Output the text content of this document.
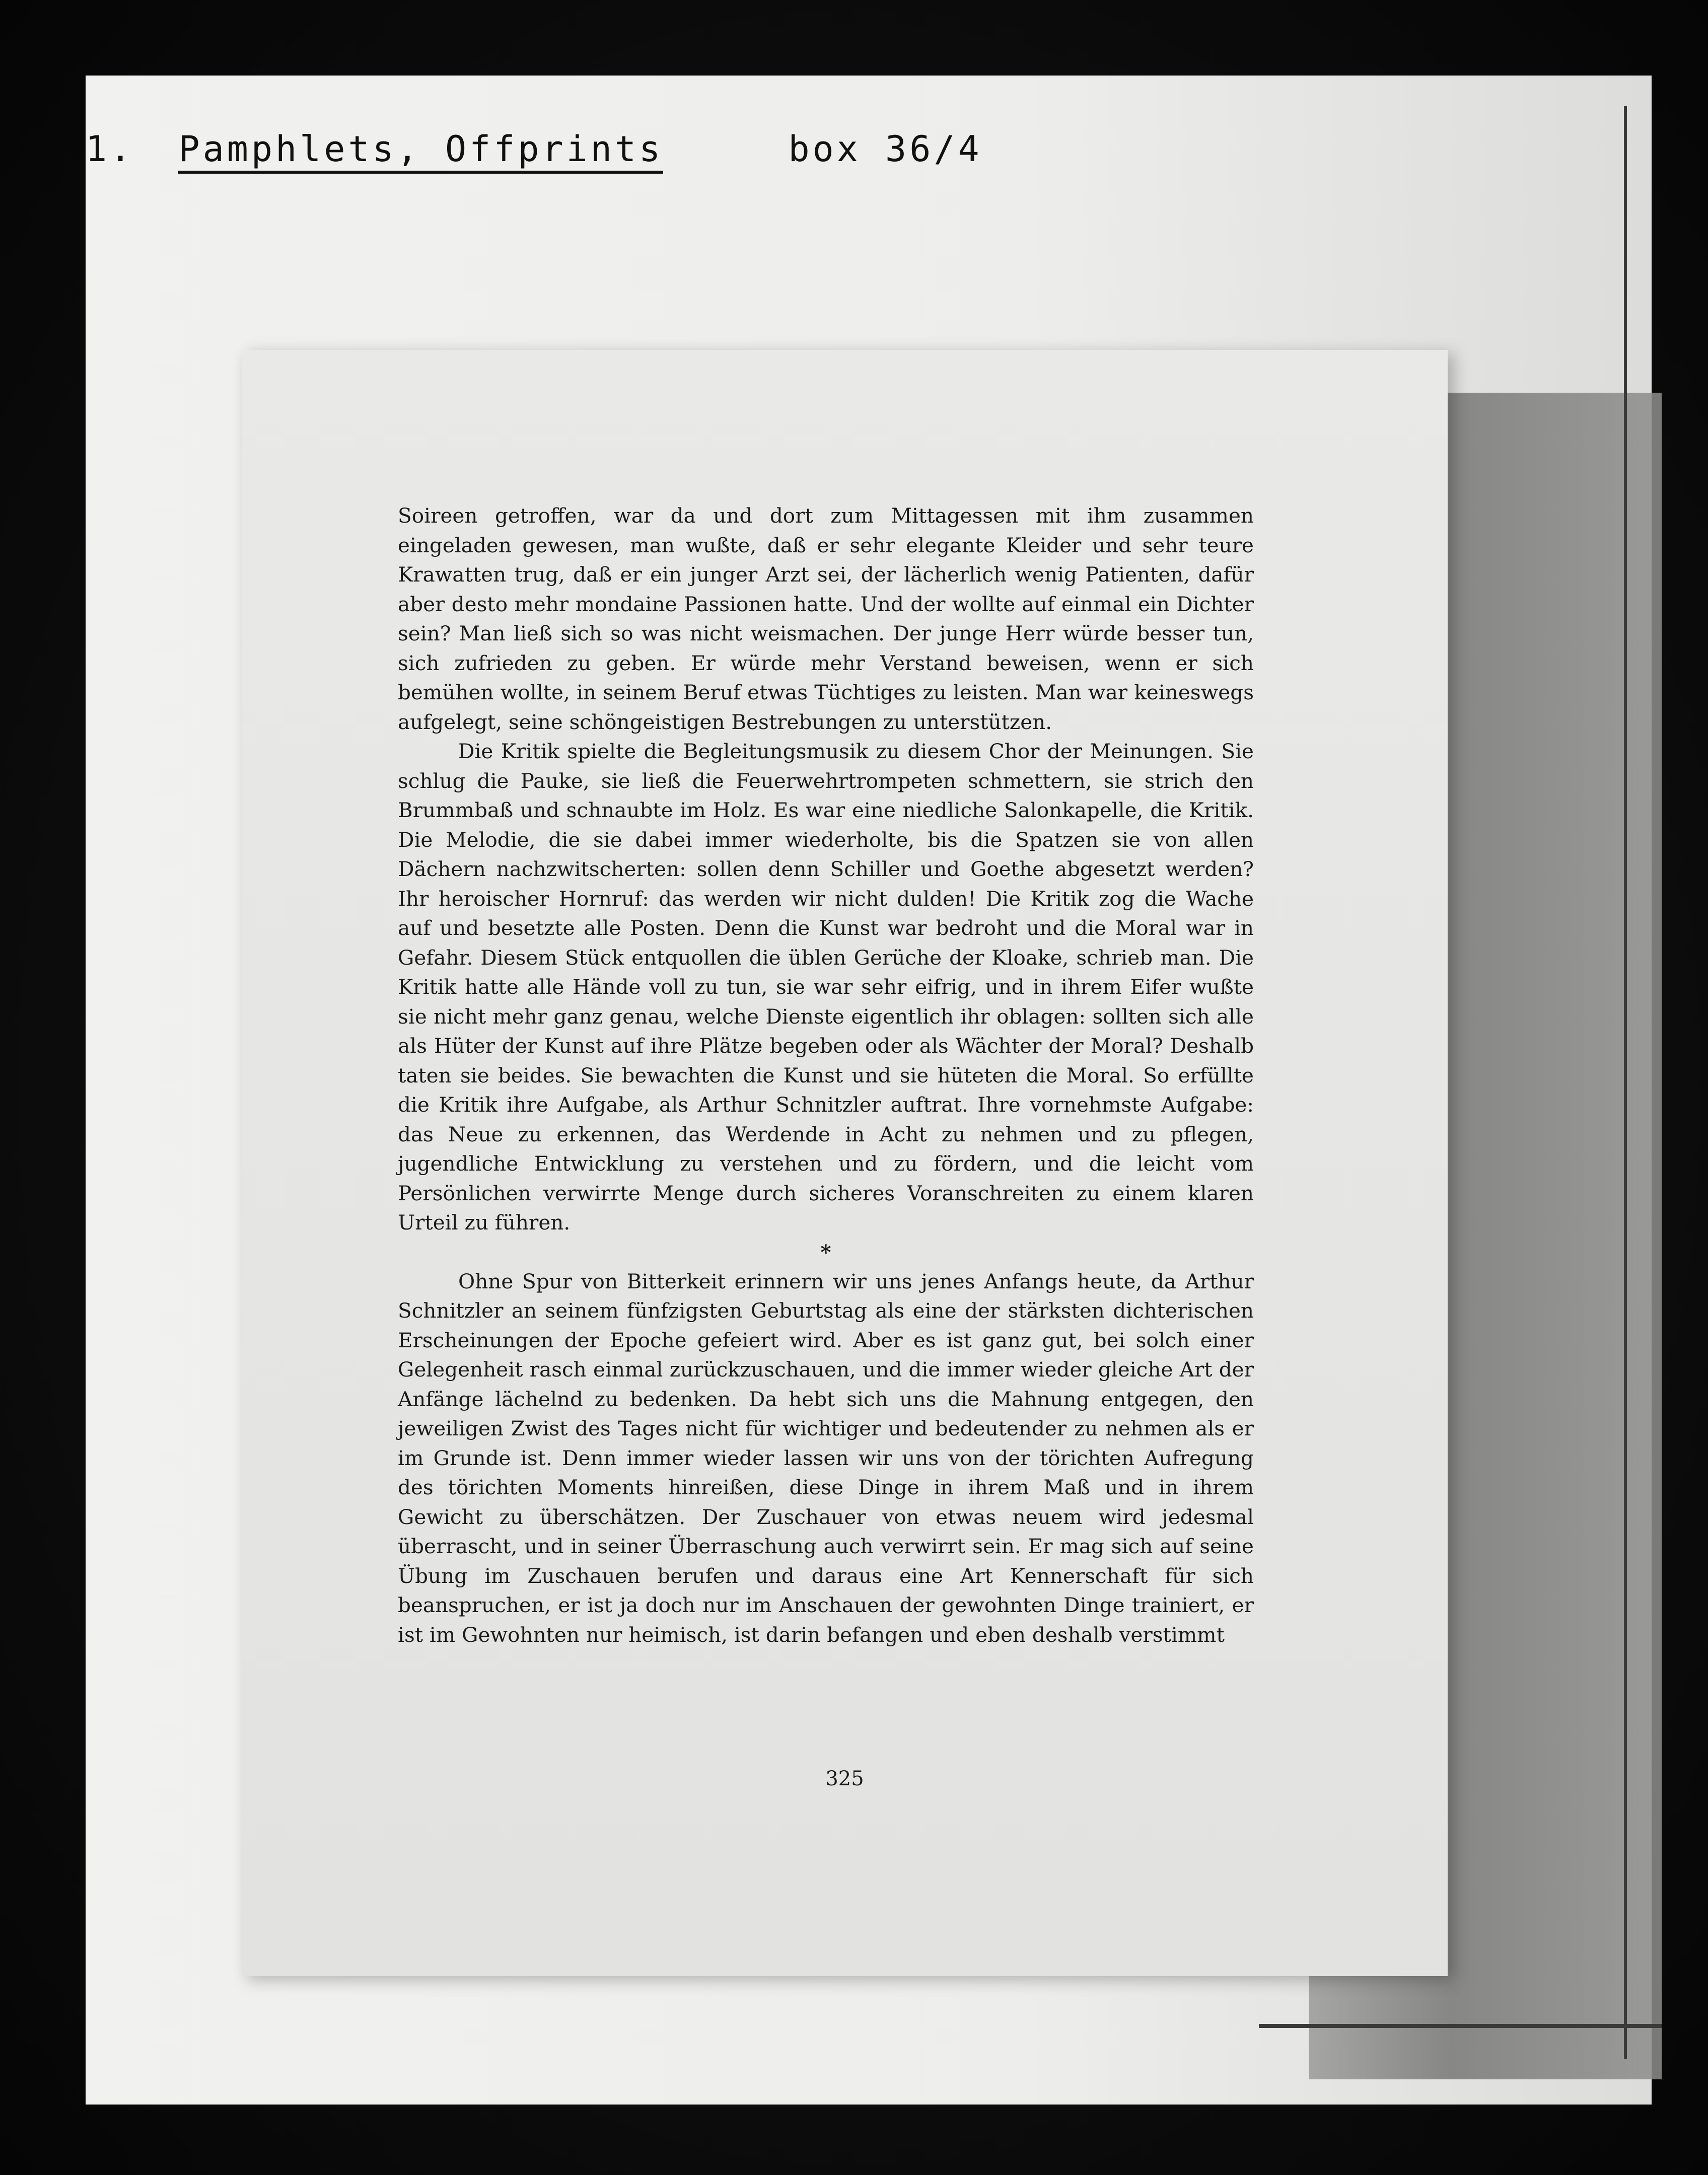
1. Pamphlets, Offprints	box 36/4

Soireen getroffen, war da und dort zum Mittagessen mit ihm zusammen eingeladen gewesen, man wußte, daß er sehr elegante Kleider und sehr teure Krawatten trug, daß er ein junger Arzt sei, der lächerlich wenig Patienten, dafür aber desto mehr mondaine Passionen hatte. Und der wollte auf einmal ein Dichter sein? Man ließ sich so was nicht weismachen. Der junge Herr würde besser tun, sich zufrieden zu geben. Er würde mehr Verstand beweisen, wenn er sich bemühen wollte, in seinem Beruf etwas Tüchtiges zu leisten. Man war keineswegs aufgelegt, seine schöngeistigen Bestrebungen zu unterstützen.

Die Kritik spielte die Begleitungsmusik zu diesem Chor der Meinungen. Sie schlug die Pauke, sie ließ die Feuerwehrtrompeten schmettern, sie strich den Brummbaß und schnaubte im Holz. Es war eine niedliche Salonkapelle, die Kritik. Die Melodie, die sie dabei immer wiederholte, bis die Spatzen sie von allen Dächern nachzwitscherten: sollen denn Schiller und Goethe abgesetzt werden? Ihr heroischer Hornruf: das werden wir nicht dulden! Die Kritik zog die Wache auf und besetzte alle Posten. Denn die Kunst war bedroht und die Moral war in Gefahr. Diesem Stück entquollen die üblen Gerüche der Kloake, schrieb man. Die Kritik hatte alle Hände voll zu tun, sie war sehr eifrig, und in ihrem Eifer wußte sie nicht mehr ganz genau, welche Dienste eigentlich ihr oblagen: sollten sich alle als Hüter der Kunst auf ihre Plätze begeben oder als Wächter der Moral? Deshalb taten sie beides. Sie bewachten die Kunst und sie hüteten die Moral. So erfüllte die Kritik ihre Aufgabe, als Arthur Schnitzler auftrat. Ihre vornehmste Aufgabe: das Neue zu erkennen, das Werdende in Acht zu nehmen und zu pflegen, jugendliche Entwicklung zu verstehen und zu fördern, und die leicht vom Persönlichen verwirrte Menge durch sicheres Voranschreiten zu einem klaren Urteil zu führen.

*

Ohne Spur von Bitterkeit erinnern wir uns jenes Anfangs heute, da Arthur Schnitzler an seinem fünfzigsten Geburtstag als eine der stärksten dichterischen Erscheinungen der Epoche gefeiert wird. Aber es ist ganz gut, bei solch einer Gelegenheit rasch einmal zurückzuschauen, und die immer wieder gleiche Art der Anfänge lächelnd zu bedenken. Da hebt sich uns die Mahnung entgegen, den jeweiligen Zwist des Tages nicht für wichtiger und bedeutender zu nehmen als er im Grunde ist. Denn immer wieder lassen wir uns von der törichten Aufregung des törichten Moments hinreißen, diese Dinge in ihrem Maß und in ihrem Gewicht zu überschätzen. Der Zuschauer von etwas neuem wird jedesmal überrascht, und in seiner Überraschung auch verwirrt sein. Er mag sich auf seine Übung im Zuschauen berufen und daraus eine Art Kennerschaft für sich beanspruchen, er ist ja doch nur im Anschauen der gewohnten Dinge trainiert, er ist im Gewohnten nur heimisch, ist darin befangen und eben deshalb verstimmt

325
